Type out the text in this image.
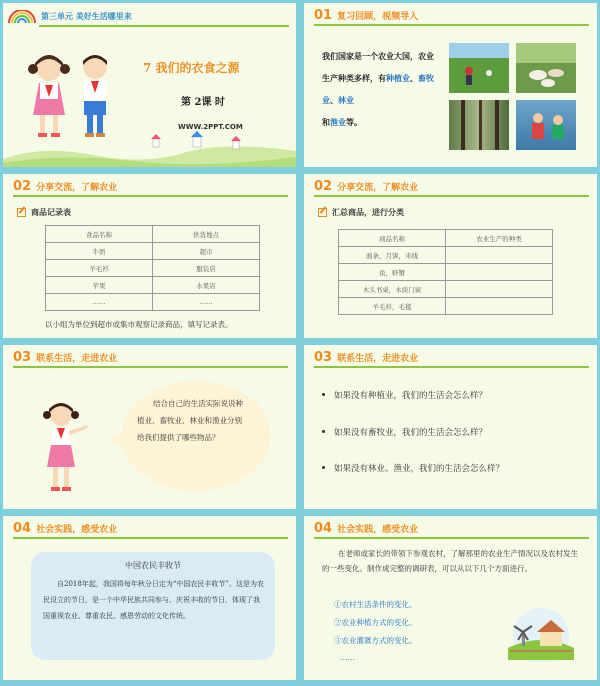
第三单元 美好生活哪里来
7 我们的衣食之源
第 2课 时
WWW.2PPT.COM
01 复习回顾，视频导入
我们国家是一个农业大国，农业生产种类多样，有种植业、畜牧业、林业
和渔业等。
02 分享交流，了解农业
商品记录表
食品名称	供货地点
牛奶	超市
羊毛衫	服装店
苹果	水果店
……	……
以小组为单位到超市或集市观察记录商品，填写记录表。
02 分享交流，了解农业
汇总商品，进行分类
商品名称	农业生产的种类
面条，月饼，米线	
鱼，虾蟹	
木头书桌，木质门窗	
羊毛衫，毛毯	
03 联系生活，走进农业
结合自己的生活实际说说种植业、畜牧业、林业和渔业分别给我们提供了哪些物品？
03 联系生活，走进农业
如果没有种植业，我们的生活会怎么样？
如果没有畜牧业，我们的生活会怎么样？
如果没有林业、渔业，我们的生活会怎么样？
04 社会实践，感受农业
中国农民丰收节
自2018年起，我国将每年秋分日定为“中国农民丰收节”。这是为农民设立的节日，是一个中华民族共同参与、庆祝丰收的节日，体现了我国重视农业、尊重农民、感恩劳动的文化传统。
04 社会实践，感受农业
在老师或家长的带领下参观农村，了解那里的农业生产情况以及农村发生的一些变化。制作成完整的调研表，可以从以下几个方面进行。
①农村生活条件的变化。
②农业种植方式的变化。
③农业灌溉方式的变化。
……
